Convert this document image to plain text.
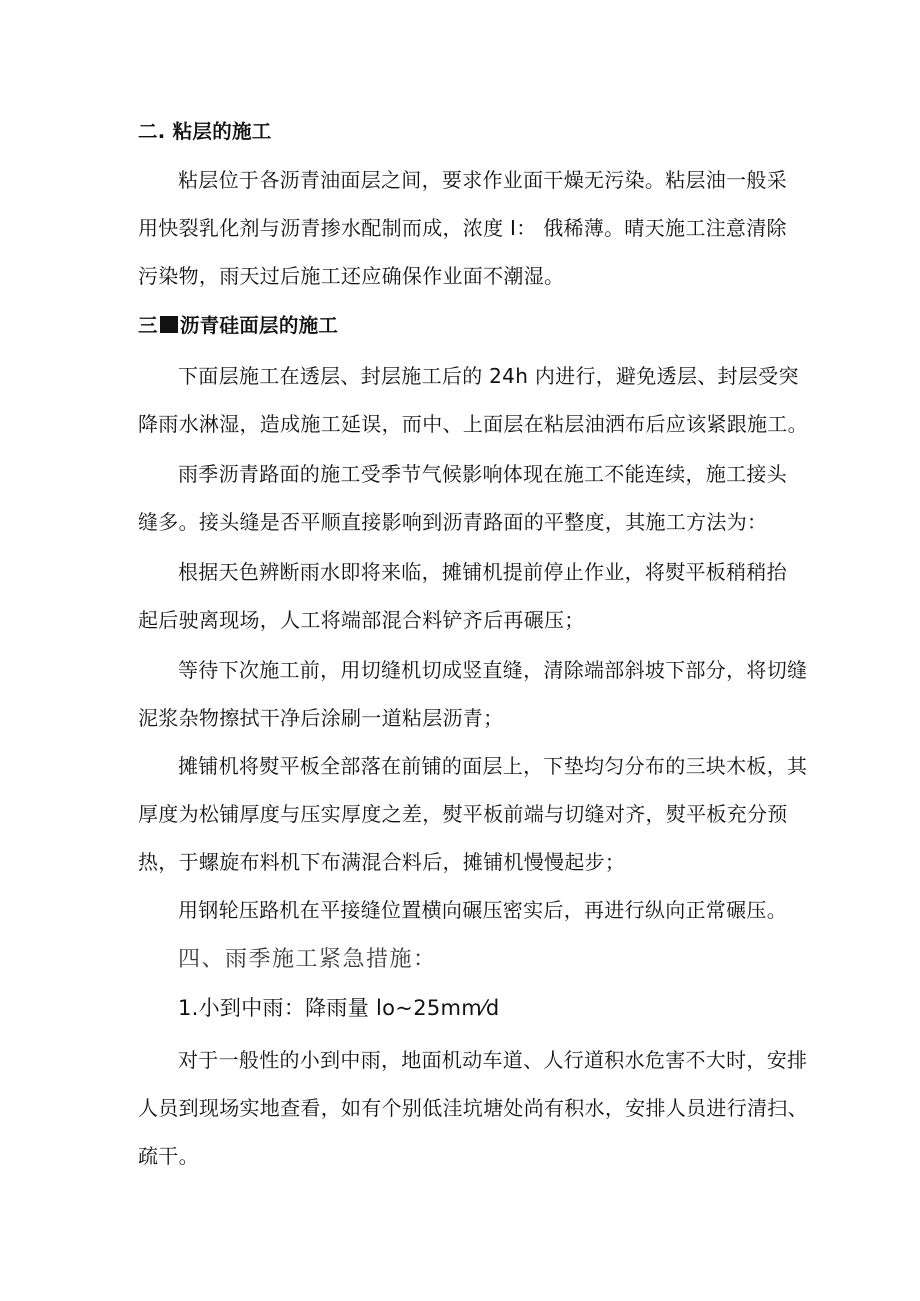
二. 粘层的施工
粘层位于各沥青油面层之间，要求作业面干燥无污染。粘层油一般采
用快裂乳化剂与沥青掺水配制而成，浓度 I： 俄稀薄。晴天施工注意清除
污染物，雨天过后施工还应确保作业面不潮湿。
三 沥青硅面层的施工
下面层施工在透层、封层施工后的 24h 内进行，避免透层、封层受突
降雨水淋湿，造成施工延误，而中、上面层在粘层油洒布后应该紧跟施工。
雨季沥青路面的施工受季节气候影响体现在施工不能连续，施工接头
缝多。接头缝是否平顺直接影响到沥青路面的平整度，其施工方法为：
根据天色辨断雨水即将来临，摊铺机提前停止作业，将熨平板稍稍抬
起后驶离现场，人工将端部混合料铲齐后再碾压；
等待下次施工前，用切缝机切成竖直缝，清除端部斜坡下部分，将切缝
泥浆杂物擦拭干净后涂刷一道粘层沥青；
摊铺机将熨平板全部落在前铺的面层上，下垫均匀分布的三块木板，其
厚度为松铺厚度与压实厚度之差，熨平板前端与切缝对齐，熨平板充分预
热，于螺旋布料机下布满混合料后，摊铺机慢慢起步；
用钢轮压路机在平接缝位置横向碾压密实后，再进行纵向正常碾压。
四、雨季施工紧急措施：
1.小到中雨：降雨量 lo~25mm⁄d
对于一般性的小到中雨，地面机动车道、人行道积水危害不大时，安排
人员到现场实地查看，如有个别低洼坑塘处尚有积水，安排人员进行清扫、
疏干。
